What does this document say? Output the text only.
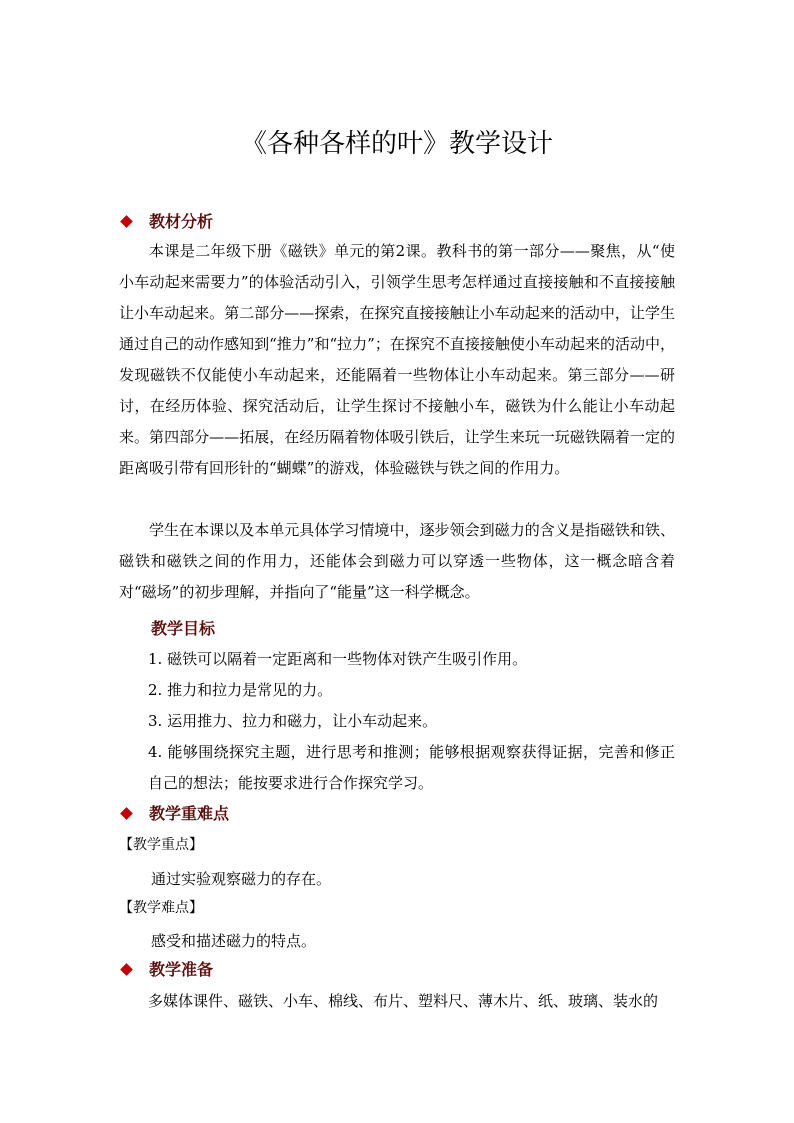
《各种各样的叶》教学设计
教材分析

本课是二年级下册《磁铁》单元的第2课。教科书的第一部分——聚焦，从“使小车动起来需要力”的体验活动引入，引领学生思考怎样通过直接接触和不直接接触让小车动起来。第二部分——探索，在探究直接接触让小车动起来的活动中，让学生通过自己的动作感知到“推力”和“拉力”；在探究不直接接触使小车动起来的活动中，发现磁铁不仅能使小车动起来，还能隔着一些物体让小车动起来。第三部分——研讨，在经历体验、探究活动后，让学生探讨不接触小车，磁铁为什么能让小车动起来。第四部分——拓展，在经历隔着物体吸引铁后，让学生来玩一玩磁铁隔着一定的距离吸引带有回形针的“蝴蝶”的游戏，体验磁铁与铁之间的作用力。

学生在本课以及本单元具体学习情境中，逐步领会到磁力的含义是指磁铁和铁、磁铁和磁铁之间的作用力，还能体会到磁力可以穿透一些物体，这一概念暗含着对“磁场”的初步理解，并指向了“能量”这一科学概念。

教学目标

1. 磁铁可以隔着一定距离和一些物体对铁产生吸引作用。

2. 推力和拉力是常见的力。

3. 运用推力、拉力和磁力，让小车动起来。

4. 能够围绕探究主题，进行思考和推测；能够根据观察获得证据，完善和修正自己的想法；能按要求进行合作探究学习。

教学重难点
【教学重点】
通过实验观察磁力的存在。
【教学难点】
感受和描述磁力的特点。
教学准备

多媒体课件、磁铁、小车、棉线、布片、塑料尺、薄木片、纸、玻璃、装水的
